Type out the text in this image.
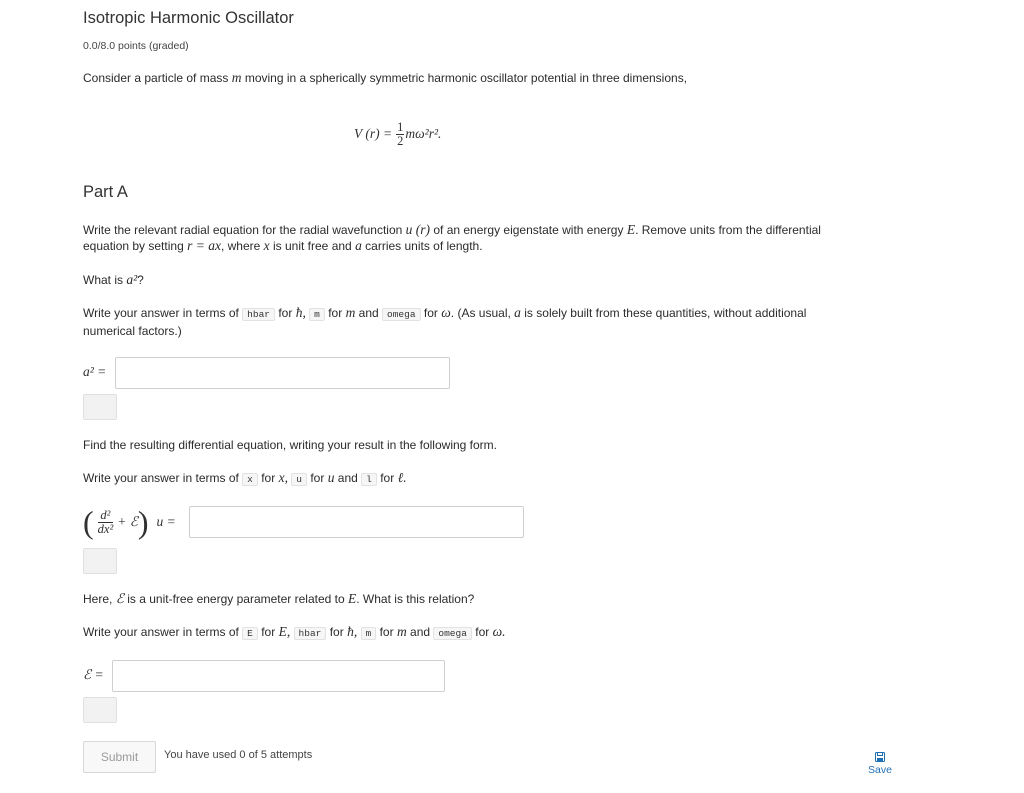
Isotropic Harmonic Oscillator
0.0/8.0 points (graded)
Consider a particle of mass m moving in a spherically symmetric harmonic oscillator potential in three dimensions,
V $(r) = \frac{1}{2} m\omega^2r^2$.
Part A
Write the relevant radial equation for the radial wavefunction u (r) of an energy eigenstate with energy E. Remove units from the differential
equation by setting r = ax, where x is unit free and a carries units of length.
What is a²?
Write your answer in terms of hbar for ħ, m for m and omega for ω. (As usual, a is solely built from these quantities, without additional
numerical factors.)
a² =
Find the resulting differential equation, writing your result in the following form.
Write your answer in terms of x for x, u for u and l for ℓ.
( $\frac{\text{d²}}{\text{dx²}}$ + ℰ ) u =
Here, ℰ is a unit-free energy parameter related to E. What is this relation?
Write your answer in terms of E for E, hbar for ħ, m for m and omega for ω.
ℰ =
Submit	You have used 0 of 5 attempts
Save
